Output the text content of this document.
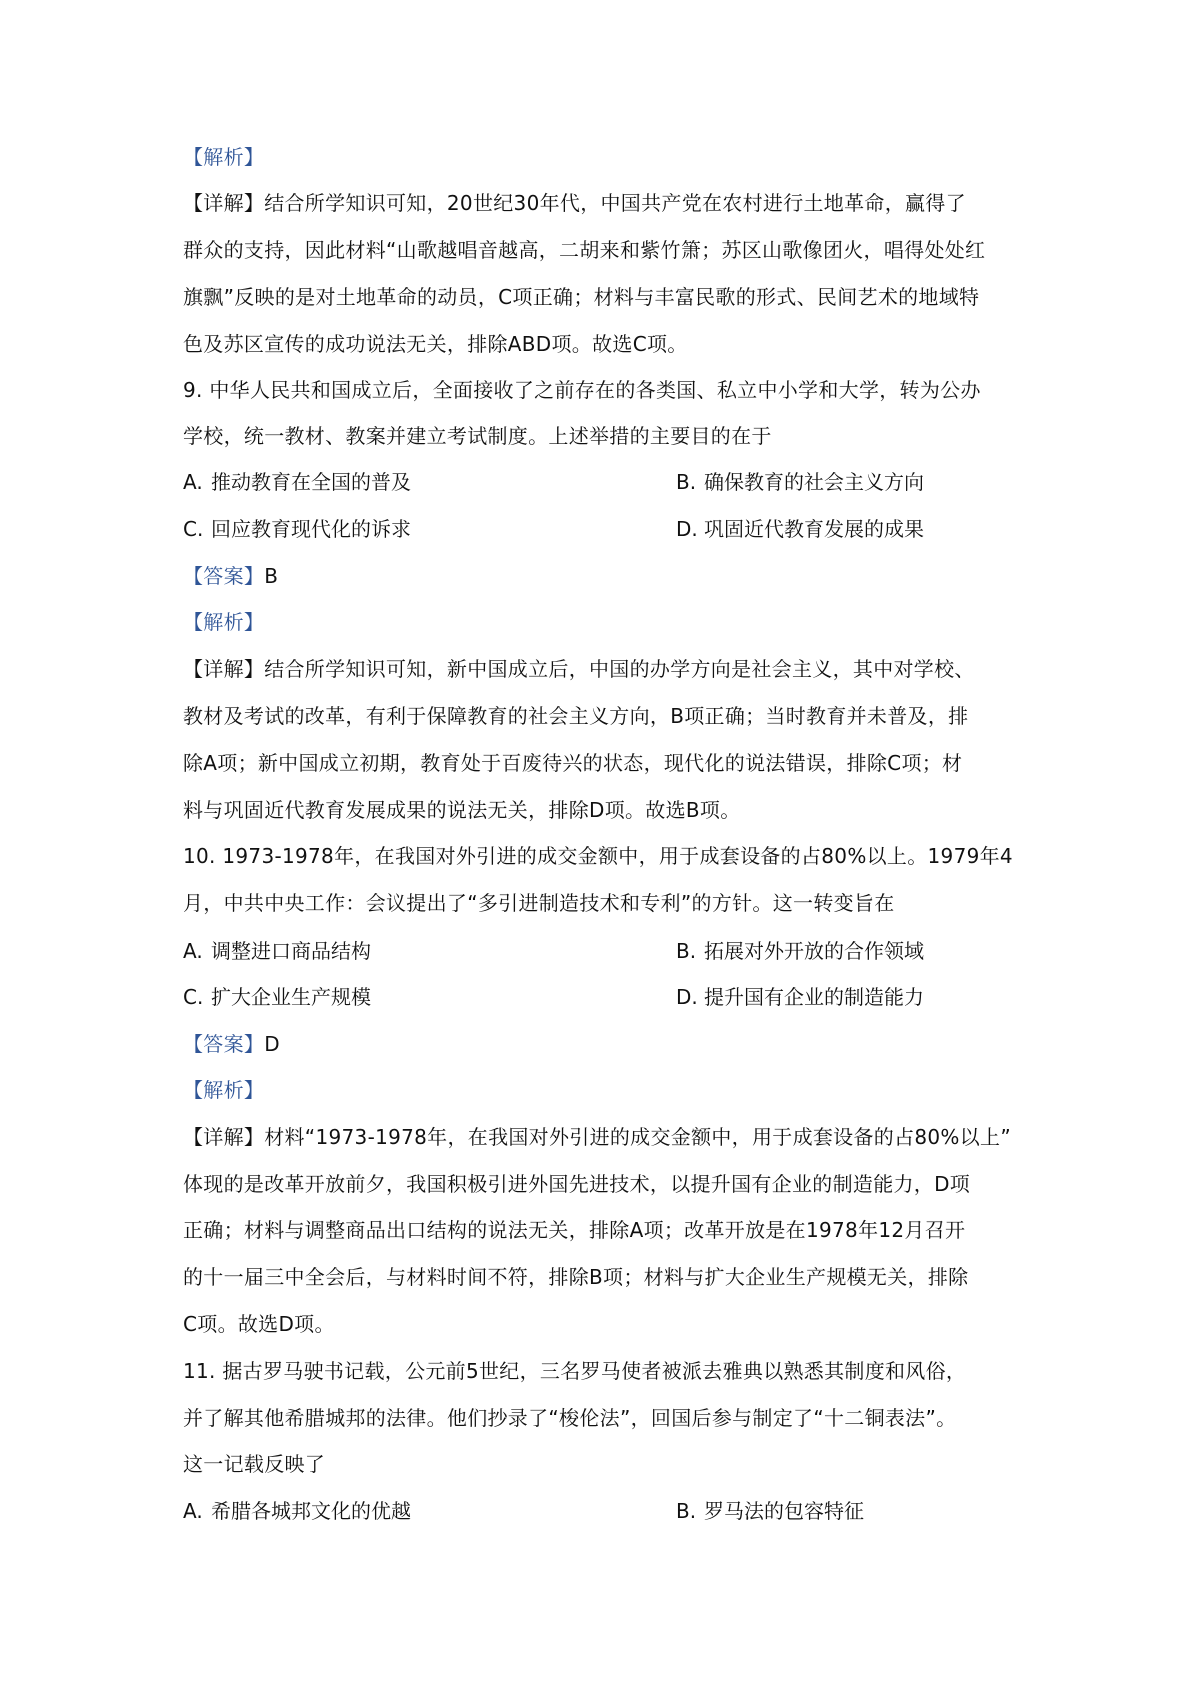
【解析】
【详解】结合所学知识可知，20世纪30年代，中国共产党在农村进行土地革命，赢得了
群众的支持，因此材料“山歌越唱音越高，二胡来和紫竹箫；苏区山歌像团火，唱得处处红
旗飘”反映的是对土地革命的动员，C项正确；材料与丰富民歌的形式、民间艺术的地域特
色及苏区宣传的成功说法无关，排除ABD项。故选C项。
9. 中华人民共和国成立后，全面接收了之前存在的各类国、私立中小学和大学，转为公办
学校，统一教材、教案并建立考试制度。上述举措的主要目的在于
A. 推动教育在全国的普及	B. 确保教育的社会主义方向
C. 回应教育现代化的诉求	D. 巩固近代教育发展的成果
【答案】B
【解析】
【详解】结合所学知识可知，新中国成立后，中国的办学方向是社会主义，其中对学校、
教材及考试的改革，有利于保障教育的社会主义方向，B项正确；当时教育并未普及，排
除A项；新中国成立初期，教育处于百废待兴的状态，现代化的说法错误，排除C项；材
料与巩固近代教育发展成果的说法无关，排除D项。故选B项。
10. 1973-1978年，在我国对外引进的成交金额中，用于成套设备的占80%以上。1979年4
月，中共中央工作：会议提出了“多引进制造技术和专利”的方针。这一转变旨在
A. 调整进口商品结构	B. 拓展对外开放的合作领域
C. 扩大企业生产规模	D. 提升国有企业的制造能力
【答案】D
【解析】
【详解】材料“1973-1978年，在我国对外引进的成交金额中，用于成套设备的占80%以上”
体现的是改革开放前夕，我国积极引进外国先进技术，以提升国有企业的制造能力，D项
正确；材料与调整商品出口结构的说法无关，排除A项；改革开放是在1978年12月召开
的十一届三中全会后，与材料时间不符，排除B项；材料与扩大企业生产规模无关，排除
C项。故选D项。
11. 据古罗马驶书记载，公元前5世纪，三名罗马使者被派去雅典以熟悉其制度和风俗，
并了解其他希腊城邦的法律。他们抄录了“梭伦法”，回国后参与制定了“十二铜表法”。
这一记载反映了
A. 希腊各城邦文化的优越	B. 罗马法的包容特征
